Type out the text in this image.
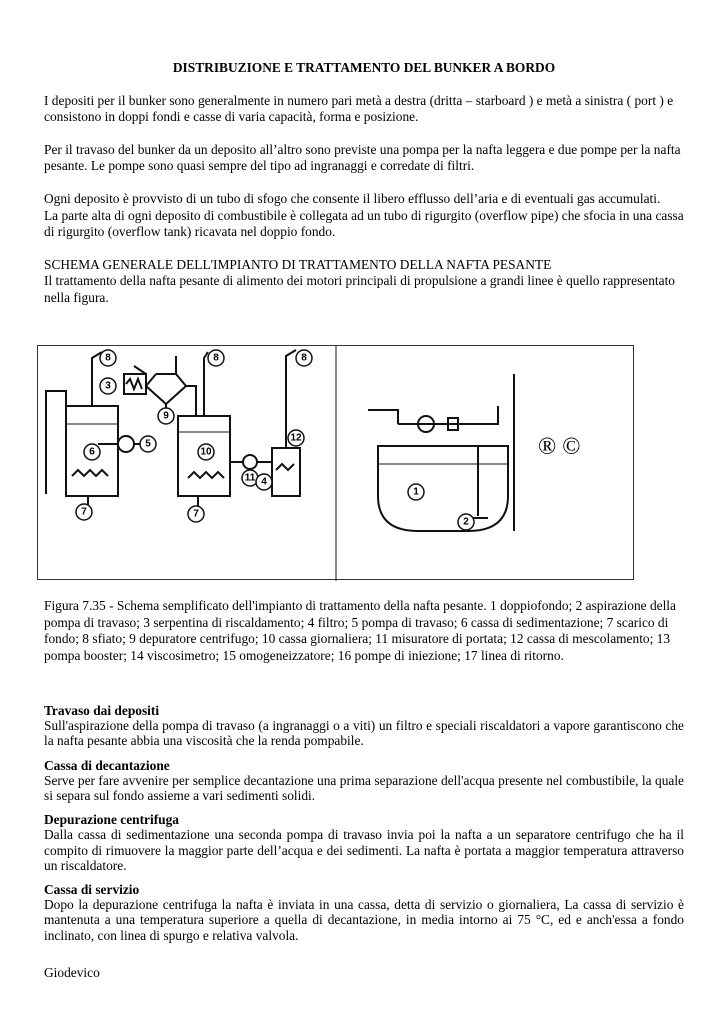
DISTRIBUZIONE E TRATTAMENTO DEL BUNKER A BORDO

I depositi per il bunker sono generalmente in numero pari metà a destra (dritta – starboard ) e metà a sinistra ( port ) e consistono in doppi fondi e casse di varia capacità, forma e posizione.

Per il travaso del bunker da un deposito all’altro sono previste una pompa per la nafta leggera e due pompe per la nafta pesante. Le pompe sono quasi sempre del tipo ad ingranaggi e corredate di filtri.

Ogni deposito è provvisto di un tubo di sfogo che consente il libero efflusso dell’aria e di eventuali gas accumulati.

La parte alta di ogni deposito di combustibile è collegata ad un tubo di rigurgito (overflow pipe) che sfocia in una cassa di rigurgito (overflow tank) ricavata nel doppio fondo.

SCHEMA GENERALE DELL'IMPIANTO DI TRATTAMENTO DELLA NAFTA PESANTE

Il trattamento della nafta pesante di alimento dei motori principali di propulsione a grandi linee è quello rappresentato nella figura.

8	8	8
3
9
5
6	10
11
12
4
7	7
1
2
® ©
Figura 7.35 - Schema semplificato dell'impianto di trattamento della nafta pesante. 1 doppiofondo; 2 aspirazione della pompa di travaso; 3 serpentina di riscaldamento; 4 filtro; 5 pompa di travaso; 6 cassa di sedimentazione; 7 scarico di fondo; 8 sfiato; 9 depuratore centrifugo; 10 cassa giornaliera; 11 misuratore di portata; 12 cassa di mescolamento; 13 pompa booster; 14 viscosimetro; 15 omogeneizzatore; 16 pompe di iniezione; 17 linea di ritorno.

Travaso dai depositi

Sull'aspirazione della pompa di travaso (a ingranaggi o a viti) un filtro e speciali riscaldatori a vapore garantiscono che la nafta pesante abbia una viscosità che la renda pompabile.

Cassa di decantazione

Serve per fare avvenire per semplice decantazione una prima separazione dell'acqua presente nel combustibile, la quale si separa sul fondo assieme a vari sedimenti solidi.

Depurazione centrifuga

Dalla cassa di sedimentazione una seconda pompa di travaso invia poi la nafta a un separatore centrifugo che ha il compito di rimuovere la maggior parte dell’acqua e dei sedimenti. La nafta è portata a maggior temperatura attraverso un riscaldatore.

Cassa di servizio

Dopo la depurazione centrifuga la nafta è inviata in una cassa, detta di servizio o giornaliera, La cassa di servizio è mantenuta a una temperatura superiore a quella di decantazione, in media intorno ai 75 °C, ed e anch'essa a fondo inclinato, con linea di spurgo e relativa valvola.

Giodevico
